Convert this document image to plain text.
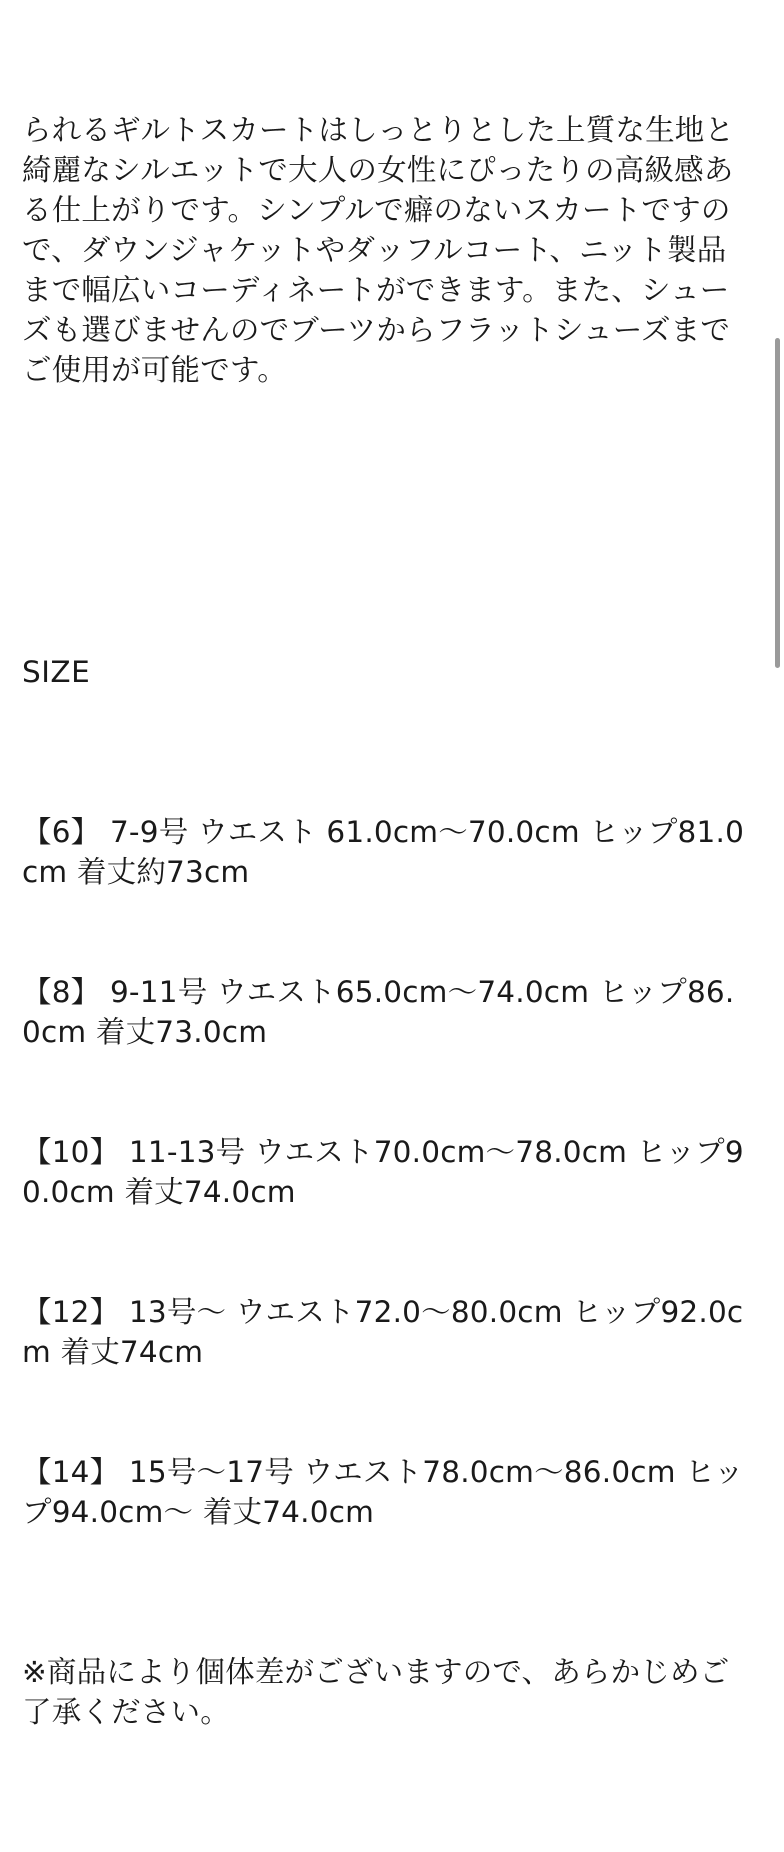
られるギルトスカートはしっとりとした上質な生地と綺麗なシルエットで大人の女性にぴったりの高級感ある仕上がりです。シンプルで癖のないスカートですので、ダウンジャケットやダッフルコート、ニット製品まで幅広いコーディネートができます。また、シューズも選びませんのでブーツからフラットシューズまでご使用が可能です。

SIZE

【6】 7-9号 ウエスト 61.0cm〜70.0cm ヒップ81.0cm 着丈約73cm

【8】 9-11号 ウエスト65.0cm〜74.0cm ヒップ86.0cm 着丈73.0cm

【10】 11-13号 ウエスト70.0cm〜78.0cm ヒップ90.0cm 着丈74.0cm

【12】 13号〜 ウエスト72.0〜80.0cm ヒップ92.0cm 着丈74cm

【14】 15号〜17号 ウエスト78.0cm〜86.0cm ヒップ94.0cm〜 着丈74.0cm

※商品により個体差がございますので、あらかじめご了承ください。
